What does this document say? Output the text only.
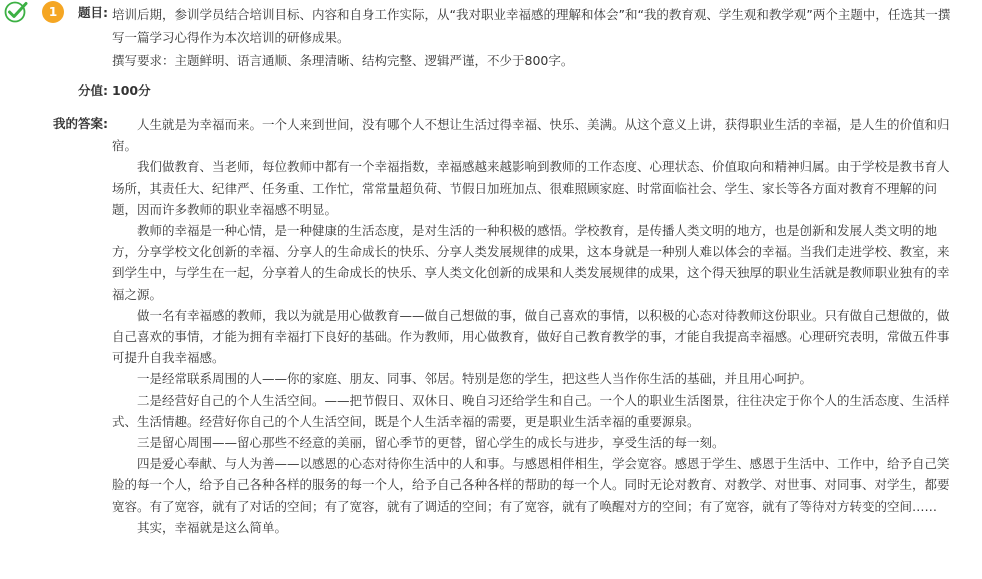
1	题目: 培训后期，参训学员结合培训目标、内容和自身工作实际，从“我对职业幸福感的理解和体会”和“我的教育观、学生观和教学观”两个主题中，任选其一撰写一篇学习心得作为本次培训的研修成果。

撰写要求：主题鲜明、语言通顺、条理清晰、结构完整、逻辑严谨，不少于800字。

分值: 100分
我的答案:	人生就是为幸福而来。一个人来到世间，没有哪个人不想让生活过得幸福、快乐、美满。从这个意义上讲，获得职业生活的幸福，是人生的价值和归宿。

我们做教育、当老师，每位教师中都有一个幸福指数，幸福感越来越影响到教师的工作态度、心理状态、价值取向和精神归属。由于学校是教书育人场所，其责任大、纪律严、任务重、工作忙，常常量超负荷、节假日加班加点、很难照顾家庭、时常面临社会、学生、家长等各方面对教育不理解的问题，因而许多教师的职业幸福感不明显。

教师的幸福是一种心情，是一种健康的生活态度，是对生活的一种积极的感悟。学校教育，是传播人类文明的地方，也是创新和发展人类文明的地方，分享学校文化创新的幸福、分享人的生命成长的快乐、分享人类发展规律的成果，这本身就是一种别人难以体会的幸福。当我们走进学校、教室，来到学生中，与学生在一起，分享着人的生命成长的快乐、享人类文化创新的成果和人类发展规律的成果，这个得天独厚的职业生活就是教师职业独有的幸福之源。

做一名有幸福感的教师，我以为就是用心做教育——做自己想做的事，做自己喜欢的事情，以积极的心态对待教师这份职业。只有做自己想做的，做自己喜欢的事情，才能为拥有幸福打下良好的基础。作为教师，用心做教育，做好自己教育教学的事，才能自我提高幸福感。心理研究表明，常做五件事可提升自我幸福感。

一是经常联系周围的人——你的家庭、朋友、同事、邻居。特别是您的学生，把这些人当作你生活的基础，并且用心呵护。

二是经营好自己的个人生活空间。——把节假日、双休日、晚自习还给学生和自己。一个人的职业生活图景，往往决定于你个人的生活态度、生活样式、生活情趣。经营好你自己的个人生活空间，既是个人生活幸福的需要，更是职业生活幸福的重要源泉。

三是留心周围——留心那些不经意的美丽，留心季节的更替，留心学生的成长与进步，享受生活的每一刻。

四是爱心奉献、与人为善——以感恩的心态对待你生活中的人和事。与感恩相伴相生，学会宽容。感恩于学生、感恩于生活中、工作中，给予自己笑脸的每一个人，给予自己各种各样的服务的每一个人，给予自己各种各样的帮助的每一个人。同时无论对教育、对教学、对世事、对同事、对学生，都要宽容。有了宽容，就有了对话的空间；有了宽容，就有了调适的空间；有了宽容，就有了唤醒对方的空间；有了宽容，就有了等待对方转变的空间……

其实，幸福就是这么简单。
